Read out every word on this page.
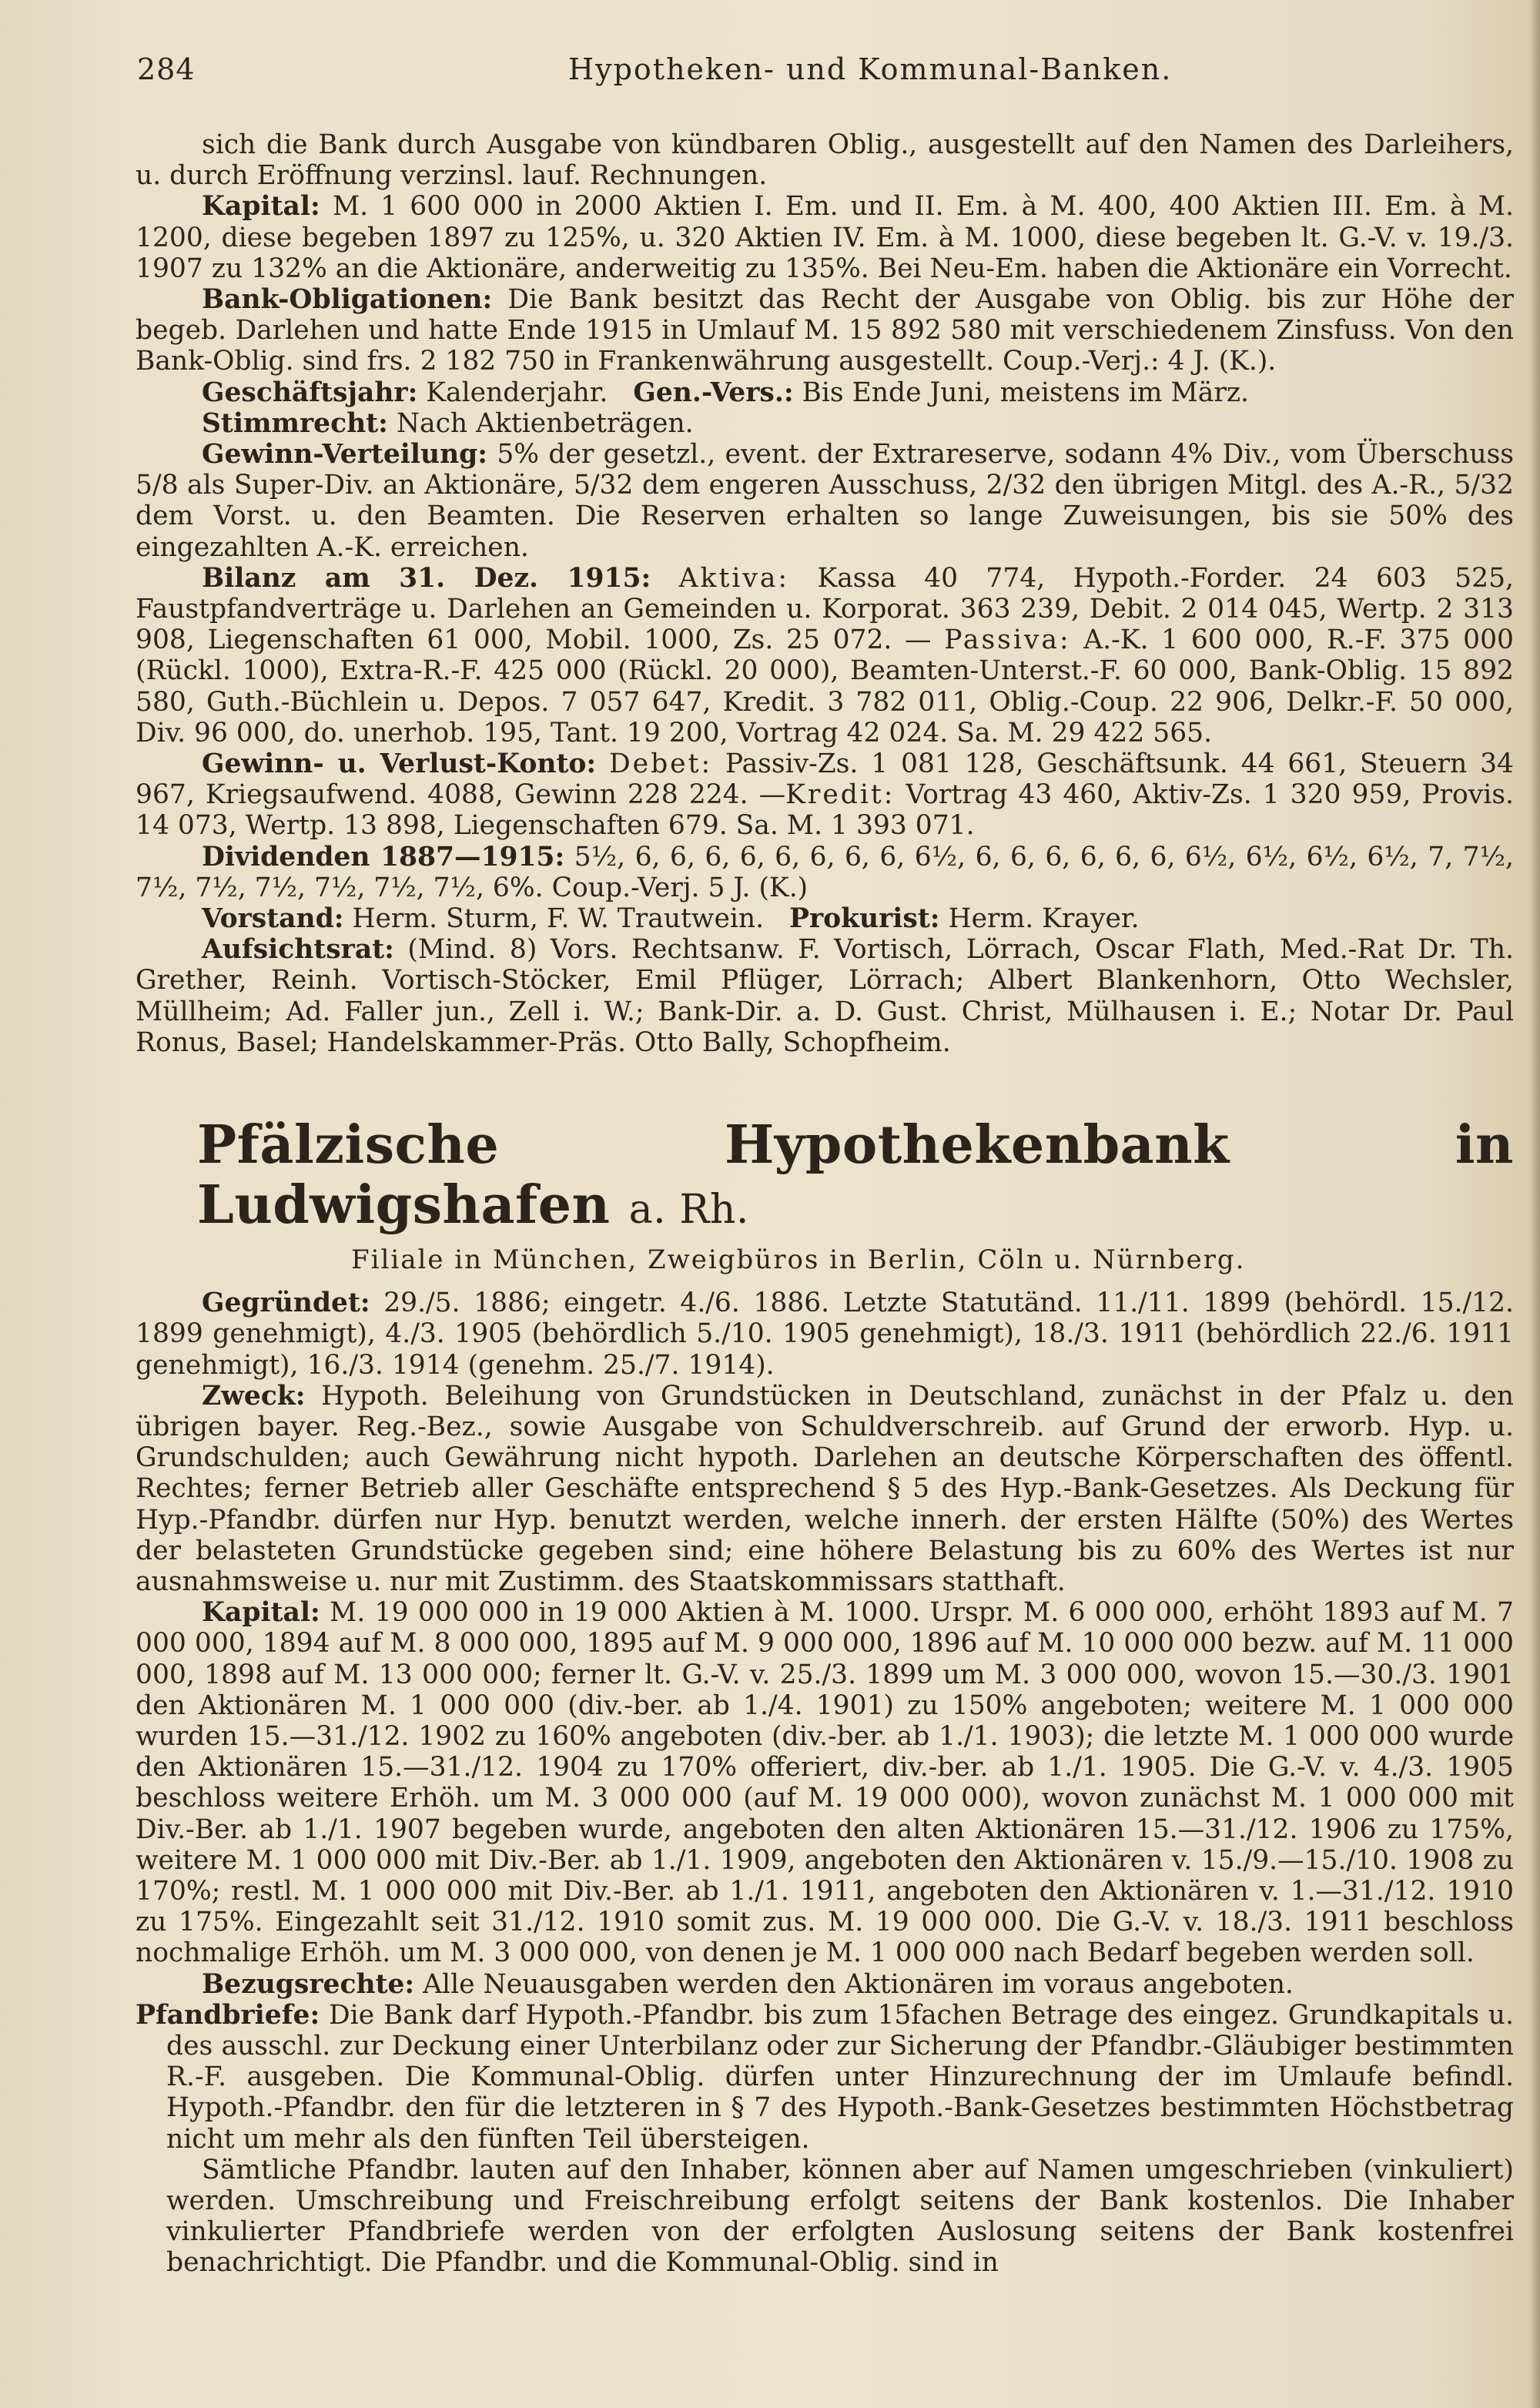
284	Hypotheken- und Kommunal-Banken.

sich die Bank durch Ausgabe von kündbaren Oblig., ausgestellt auf den Namen des Darleihers, u. durch Eröffnung verzinsl. lauf. Rechnungen.

Kapital: M. 1 600 000 in 2000 Aktien I. Em. und II. Em. à M. 400, 400 Aktien III. Em. à M. 1200, diese begeben 1897 zu 125%, u. 320 Aktien IV. Em. à M. 1000, diese begeben lt. G.-V. v. 19./3. 1907 zu 132% an die Aktionäre, anderweitig zu 135%. Bei Neu-Em. haben die Aktionäre ein Vorrecht.

Bank-Obligationen: Die Bank besitzt das Recht der Ausgabe von Oblig. bis zur Höhe der begeb. Darlehen und hatte Ende 1915 in Umlauf M. 15 892 580 mit verschiedenem Zinsfuss. Von den Bank-Oblig. sind frs. 2 182 750 in Frankenwährung ausgestellt. Coup.-Verj.: 4 J. (K.).

Geschäftsjahr: Kalenderjahr. Gen.-Vers.: Bis Ende Juni, meistens im März.

Stimmrecht: Nach Aktienbeträgen.

Gewinn-Verteilung: 5% der gesetzl., event. der Extrareserve, sodann 4% Div., vom Überschuss 5/8 als Super-Div. an Aktionäre, 5/32 dem engeren Ausschuss, 2/32 den übrigen Mitgl. des A.-R., 5/32 dem Vorst. u. den Beamten. Die Reserven erhalten so lange Zuweisungen, bis sie 50% des eingezahlten A.-K. erreichen.

Bilanz am 31. Dez. 1915: Aktiva: Kassa 40 774, Hypoth.-Forder. 24 603 525, Faustpfandverträge u. Darlehen an Gemeinden u. Korporat. 363 239, Debit. 2 014 045, Wertp. 2 313 908, Liegenschaften 61 000, Mobil. 1000, Zs. 25 072. — Passiva: A.-K. 1 600 000, R.-F. 375 000 (Rückl. 1000), Extra-R.-F. 425 000 (Rückl. 20 000), Beamten-Unterst.-F. 60 000, Bank-Oblig. 15 892 580, Guth.-Büchlein u. Depos. 7 057 647, Kredit. 3 782 011, Oblig.-Coup. 22 906, Delkr.-F. 50 000, Div. 96 000, do. unerhob. 195, Tant. 19 200, Vortrag 42 024. Sa. M. 29 422 565.

Gewinn- u. Verlust-Konto: Debet: Passiv-Zs. 1 081 128, Geschäftsunk. 44 661, Steuern 34 967, Kriegsaufwend. 4088, Gewinn 228 224. —Kredit: Vortrag 43 460, Aktiv-Zs. 1 320 959, Provis. 14 073, Wertp. 13 898, Liegenschaften 679. Sa. M. 1 393 071.

Dividenden 1887—1915: 5½, 6, 6, 6, 6, 6, 6, 6, 6, 6½, 6, 6, 6, 6, 6, 6, 6½, 6½, 6½, 6½, 7, 7½, 7½, 7½, 7½, 7½, 7½, 7½, 6%. Coup.-Verj. 5 J. (K.)

Vorstand: Herm. Sturm, F. W. Trautwein. Prokurist: Herm. Krayer.

Aufsichtsrat: (Mind. 8) Vors. Rechtsanw. F. Vortisch, Lörrach, Oscar Flath, Med.-Rat Dr. Th. Grether, Reinh. Vortisch-Stöcker, Emil Pflüger, Lörrach; Albert Blankenhorn, Otto Wechsler, Müllheim; Ad. Faller jun., Zell i. W.; Bank-Dir. a. D. Gust. Christ, Mülhausen i. E.; Notar Dr. Paul Ronus, Basel; Handelskammer-Präs. Otto Bally, Schopfheim.

Pfälzische Hypothekenbank in Ludwigshafen a. Rh.
Filiale in München, Zweigbüros in Berlin, Cöln u. Nürnberg.

Gegründet: 29./5. 1886; eingetr. 4./6. 1886. Letzte Statutänd. 11./11. 1899 (behördl. 15./12. 1899 genehmigt), 4./3. 1905 (behördlich 5./10. 1905 genehmigt), 18./3. 1911 (behördlich 22./6. 1911 genehmigt), 16./3. 1914 (genehm. 25./7. 1914).

Zweck: Hypoth. Beleihung von Grundstücken in Deutschland, zunächst in der Pfalz u. den übrigen bayer. Reg.-Bez., sowie Ausgabe von Schuldverschreib. auf Grund der erworb. Hyp. u. Grundschulden; auch Gewährung nicht hypoth. Darlehen an deutsche Körperschaften des öffentl. Rechtes; ferner Betrieb aller Geschäfte entsprechend § 5 des Hyp.-Bank-Gesetzes. Als Deckung für Hyp.-Pfandbr. dürfen nur Hyp. benutzt werden, welche innerh. der ersten Hälfte (50%) des Wertes der belasteten Grundstücke gegeben sind; eine höhere Belastung bis zu 60% des Wertes ist nur ausnahmsweise u. nur mit Zustimm. des Staatskommissars statthaft.

Kapital: M. 19 000 000 in 19 000 Aktien à M. 1000. Urspr. M. 6 000 000, erhöht 1893 auf M. 7 000 000, 1894 auf M. 8 000 000, 1895 auf M. 9 000 000, 1896 auf M. 10 000 000 bezw. auf M. 11 000 000, 1898 auf M. 13 000 000; ferner lt. G.-V. v. 25./3. 1899 um M. 3 000 000, wovon 15.—30./3. 1901 den Aktionären M. 1 000 000 (div.-ber. ab 1./4. 1901) zu 150% angeboten; weitere M. 1 000 000 wurden 15.—31./12. 1902 zu 160% angeboten (div.-ber. ab 1./1. 1903); die letzte M. 1 000 000 wurde den Aktionären 15.—31./12. 1904 zu 170% offeriert, div.-ber. ab 1./1. 1905. Die G.-V. v. 4./3. 1905 beschloss weitere Erhöh. um M. 3 000 000 (auf M. 19 000 000), wovon zunächst M. 1 000 000 mit Div.-Ber. ab 1./1. 1907 begeben wurde, angeboten den alten Aktionären 15.—31./12. 1906 zu 175%, weitere M. 1 000 000 mit Div.-Ber. ab 1./1. 1909, angeboten den Aktionären v. 15./9.—15./10. 1908 zu 170%; restl. M. 1 000 000 mit Div.-Ber. ab 1./1. 1911, angeboten den Aktionären v. 1.—31./12. 1910 zu 175%. Eingezahlt seit 31./12. 1910 somit zus. M. 19 000 000. Die G.-V. v. 18./3. 1911 beschloss nochmalige Erhöh. um M. 3 000 000, von denen je M. 1 000 000 nach Bedarf begeben werden soll.

Bezugsrechte: Alle Neuausgaben werden den Aktionären im voraus angeboten.

Pfandbriefe: Die Bank darf Hypoth.-Pfandbr. bis zum 15fachen Betrage des eingez. Grundkapitals u. des ausschl. zur Deckung einer Unterbilanz oder zur Sicherung der Pfandbr.-Gläubiger bestimmten R.-F. ausgeben. Die Kommunal-Oblig. dürfen unter Hinzurechnung der im Umlaufe befindl. Hypoth.-Pfandbr. den für die letzteren in § 7 des Hypoth.-Bank-Gesetzes bestimmten Höchstbetrag nicht um mehr als den fünften Teil übersteigen.

Sämtliche Pfandbr. lauten auf den Inhaber, können aber auf Namen umgeschrieben (vinkuliert) werden. Umschreibung und Freischreibung erfolgt seitens der Bank kostenlos. Die Inhaber vinkulierter Pfandbriefe werden von der erfolgten Auslosung seitens der Bank kostenfrei benachrichtigt. Die Pfandbr. und die Kommunal-Oblig. sind in
